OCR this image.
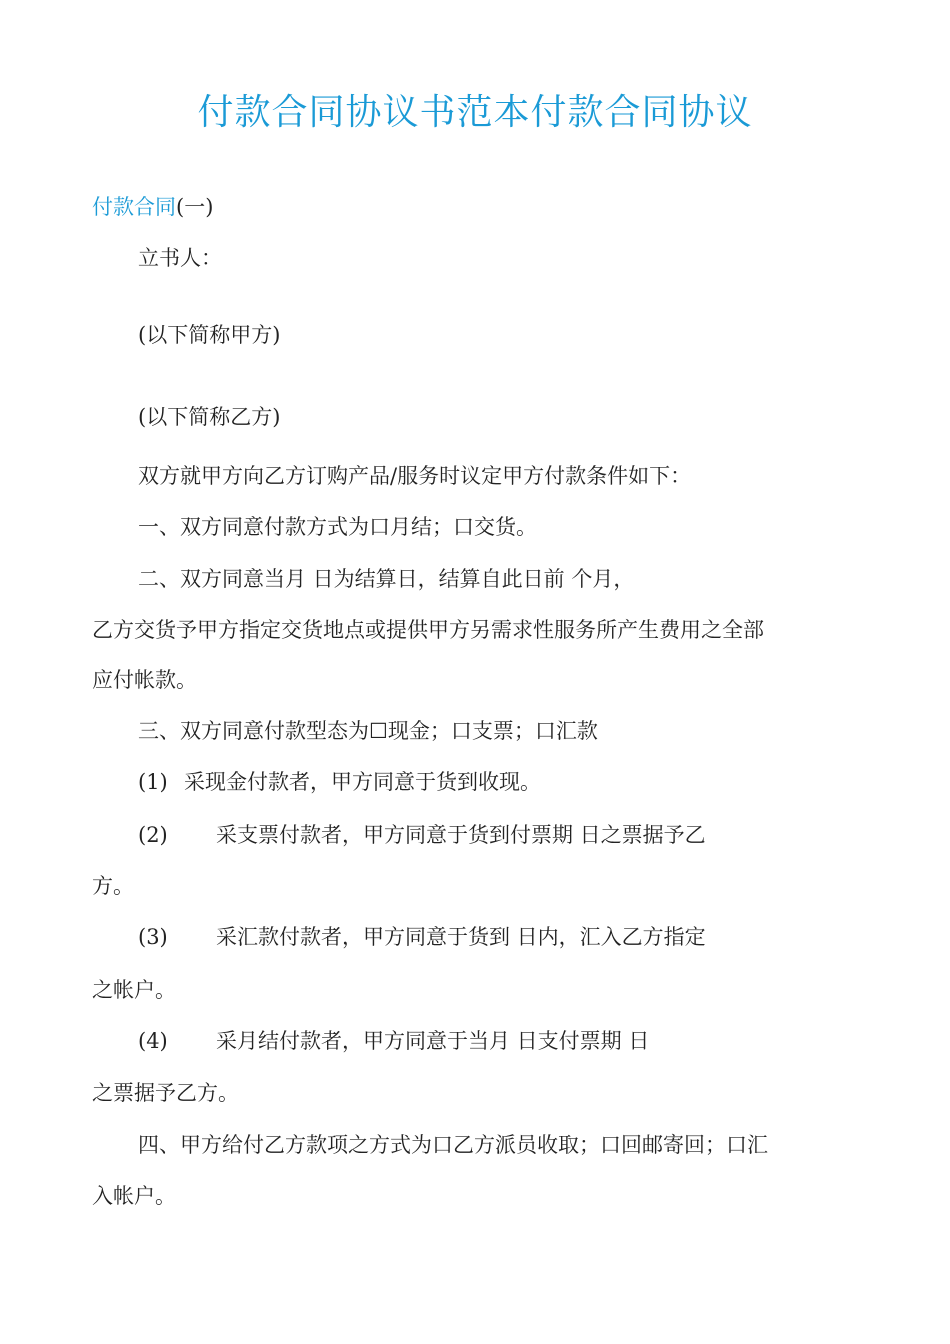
付款合同协议书范本付款合同协议
付款合同(一)
立书人：
(以下简称甲方)
(以下简称乙方)
双方就甲方向乙方订购产品/服务时议定甲方付款条件如下：
一、双方同意付款方式为口月结；口交货。
二、双方同意当月 日为结算日，结算自此日前 个月，
乙方交货予甲方指定交货地点或提供甲方另需求性服务所产生费用之全部
应付帐款。
三、双方同意付款型态为☐现金；口支票；口汇款
(1) 采现金付款者，甲方同意于货到收现。
(2) 采支票付款者，甲方同意于货到付票期 日之票据予乙
方。
(3) 采汇款付款者，甲方同意于货到 日内，汇入乙方指定
之帐户。
(4) 采月结付款者，甲方同意于当月 日支付票期 日
之票据予乙方。
四、甲方给付乙方款项之方式为口乙方派员收取；口回邮寄回；口汇
入帐户。
